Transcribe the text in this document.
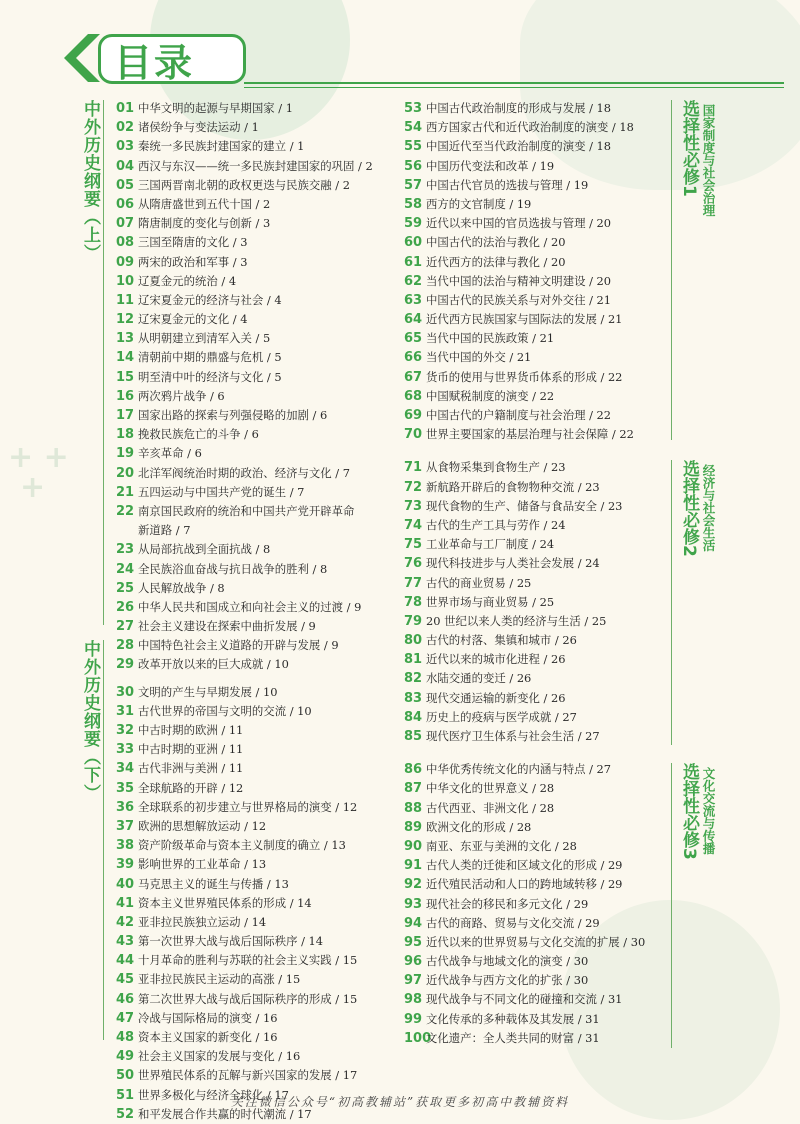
+ +
+
目录
中外历史纲要（上）
中外历史纲要（下）
选择性必修1 国家制度与社会治理
选择性必修2 经济与社会生活
选择性必修3 文化交流与传播
01 中华文明的起源与早期国家 / 1
02 诸侯纷争与变法运动 / 1
03 秦统一多民族封建国家的建立 / 1
04 西汉与东汉——统一多民族封建国家的巩固 / 2
05 三国两晋南北朝的政权更迭与民族交融 / 2
06 从隋唐盛世到五代十国 / 2
07 隋唐制度的变化与创新 / 3
08 三国至隋唐的文化 / 3
09 两宋的政治和军事 / 3
10 辽夏金元的统治 / 4
11 辽宋夏金元的经济与社会 / 4
12 辽宋夏金元的文化 / 4
13 从明朝建立到清军入关 / 5
14 清朝前中期的鼎盛与危机 / 5
15 明至清中叶的经济与文化 / 5
16 两次鸦片战争 / 6
17 国家出路的探索与列强侵略的加剧 / 6
18 挽救民族危亡的斗争 / 6
19 辛亥革命 / 6
20 北洋军阀统治时期的政治、经济与文化 / 7
21 五四运动与中国共产党的诞生 / 7
22 南京国民政府的统治和中国共产党开辟革命
新道路 / 7
23 从局部抗战到全面抗战 / 8
24 全民族浴血奋战与抗日战争的胜利 / 8
25 人民解放战争 / 8
26 中华人民共和国成立和向社会主义的过渡 / 9
27 社会主义建设在探索中曲折发展 / 9
28 中国特色社会主义道路的开辟与发展 / 9
29 改革开放以来的巨大成就 / 10
30 文明的产生与早期发展 / 10
31 古代世界的帝国与文明的交流 / 10
32 中古时期的欧洲 / 11
33 中古时期的亚洲 / 11
34 古代非洲与美洲 / 11
35 全球航路的开辟 / 12
36 全球联系的初步建立与世界格局的演变 / 12
37 欧洲的思想解放运动 / 12
38 资产阶级革命与资本主义制度的确立 / 13
39 影响世界的工业革命 / 13
40 马克思主义的诞生与传播 / 13
41 资本主义世界殖民体系的形成 / 14
42 亚非拉民族独立运动 / 14
43 第一次世界大战与战后国际秩序 / 14
44 十月革命的胜利与苏联的社会主义实践 / 15
45 亚非拉民族民主运动的高涨 / 15
46 第二次世界大战与战后国际秩序的形成 / 15
47 冷战与国际格局的演变 / 16
48 资本主义国家的新变化 / 16
49 社会主义国家的发展与变化 / 16
50 世界殖民体系的瓦解与新兴国家的发展 / 17
51 世界多极化与经济全球化 / 17
52 和平发展合作共赢的时代潮流 / 17
53 中国古代政治制度的形成与发展 / 18
54 西方国家古代和近代政治制度的演变 / 18
55 中国近代至当代政治制度的演变 / 18
56 中国历代变法和改革 / 19
57 中国古代官员的选拔与管理 / 19
58 西方的文官制度 / 19
59 近代以来中国的官员选拔与管理 / 20
60 中国古代的法治与教化 / 20
61 近代西方的法律与教化 / 20
62 当代中国的法治与精神文明建设 / 20
63 中国古代的民族关系与对外交往 / 21
64 近代西方民族国家与国际法的发展 / 21
65 当代中国的民族政策 / 21
66 当代中国的外交 / 21
67 货币的使用与世界货币体系的形成 / 22
68 中国赋税制度的演变 / 22
69 中国古代的户籍制度与社会治理 / 22
70 世界主要国家的基层治理与社会保障 / 22
71 从食物采集到食物生产 / 23
72 新航路开辟后的食物物种交流 / 23
73 现代食物的生产、储备与食品安全 / 23
74 古代的生产工具与劳作 / 24
75 工业革命与工厂制度 / 24
76 现代科技进步与人类社会发展 / 24
77 古代的商业贸易 / 25
78 世界市场与商业贸易 / 25
79 20 世纪以来人类的经济与生活 / 25
80 古代的村落、集镇和城市 / 26
81 近代以来的城市化进程 / 26
82 水陆交通的变迁 / 26
83 现代交通运输的新变化 / 26
84 历史上的疫病与医学成就 / 27
85 现代医疗卫生体系与社会生活 / 27
86 中华优秀传统文化的内涵与特点 / 27
87 中华文化的世界意义 / 28
88 古代西亚、非洲文化 / 28
89 欧洲文化的形成 / 28
90 南亚、东亚与美洲的文化 / 28
91 古代人类的迁徙和区域文化的形成 / 29
92 近代殖民活动和人口的跨地域转移 / 29
93 现代社会的移民和多元文化 / 29
94 古代的商路、贸易与文化交流 / 29
95 近代以来的世界贸易与文化交流的扩展 / 30
96 古代战争与地域文化的演变 / 30
97 近代战争与西方文化的扩张 / 30
98 现代战争与不同文化的碰撞和交流 / 31
99 文化传承的多种载体及其发展 / 31
100文化遗产：全人类共同的财富 / 31
关注微信公众号“初高教辅站”获取更多初高中教辅资料
